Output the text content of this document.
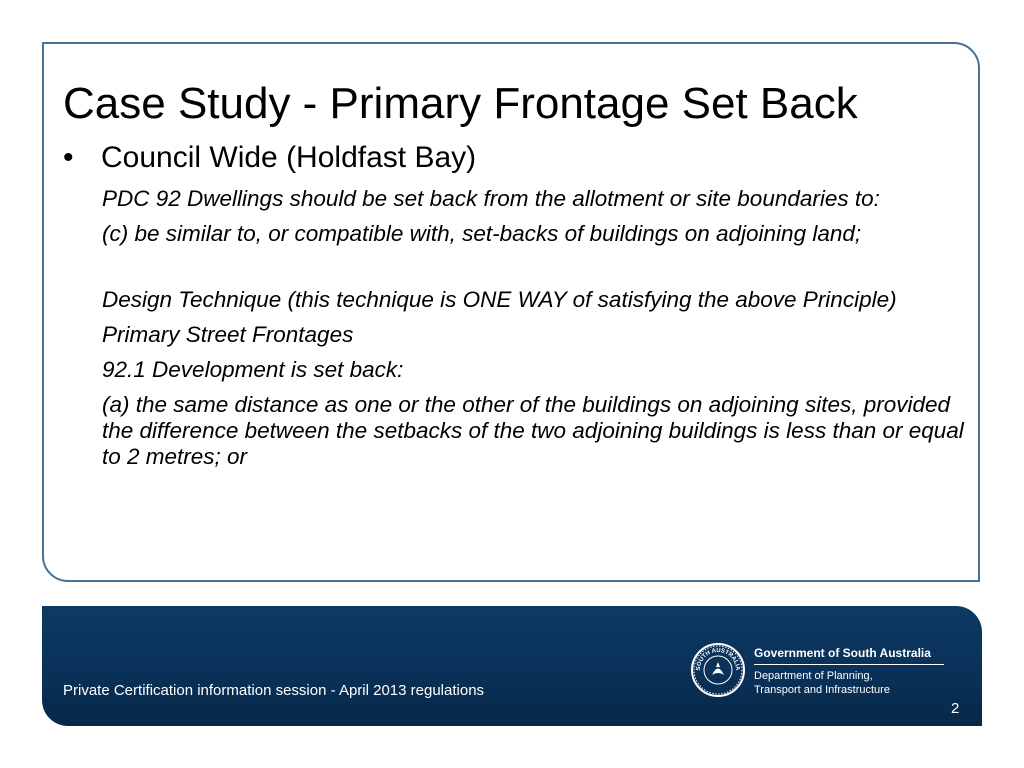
Case Study - Primary Frontage Set Back
• Council Wide (Holdfast Bay)

PDC 92 Dwellings should be set back from the allotment or site boundaries to:

(c) be similar to, or compatible with, set-backs of buildings on adjoining land;

Design Technique (this technique is ONE WAY of satisfying the above Principle)

Primary Street Frontages

92.1 Development is set back:

(a) the same distance as one or the other of the buildings on adjoining sites, provided the difference between the setbacks of the two adjoining buildings is less than or equal to 2 metres; or

SOUTH AUSTRALIA
Government of South Australia
Department of Planning,
Transport and Infrastructure
Private Certification information session - April 2013 regulations
2
